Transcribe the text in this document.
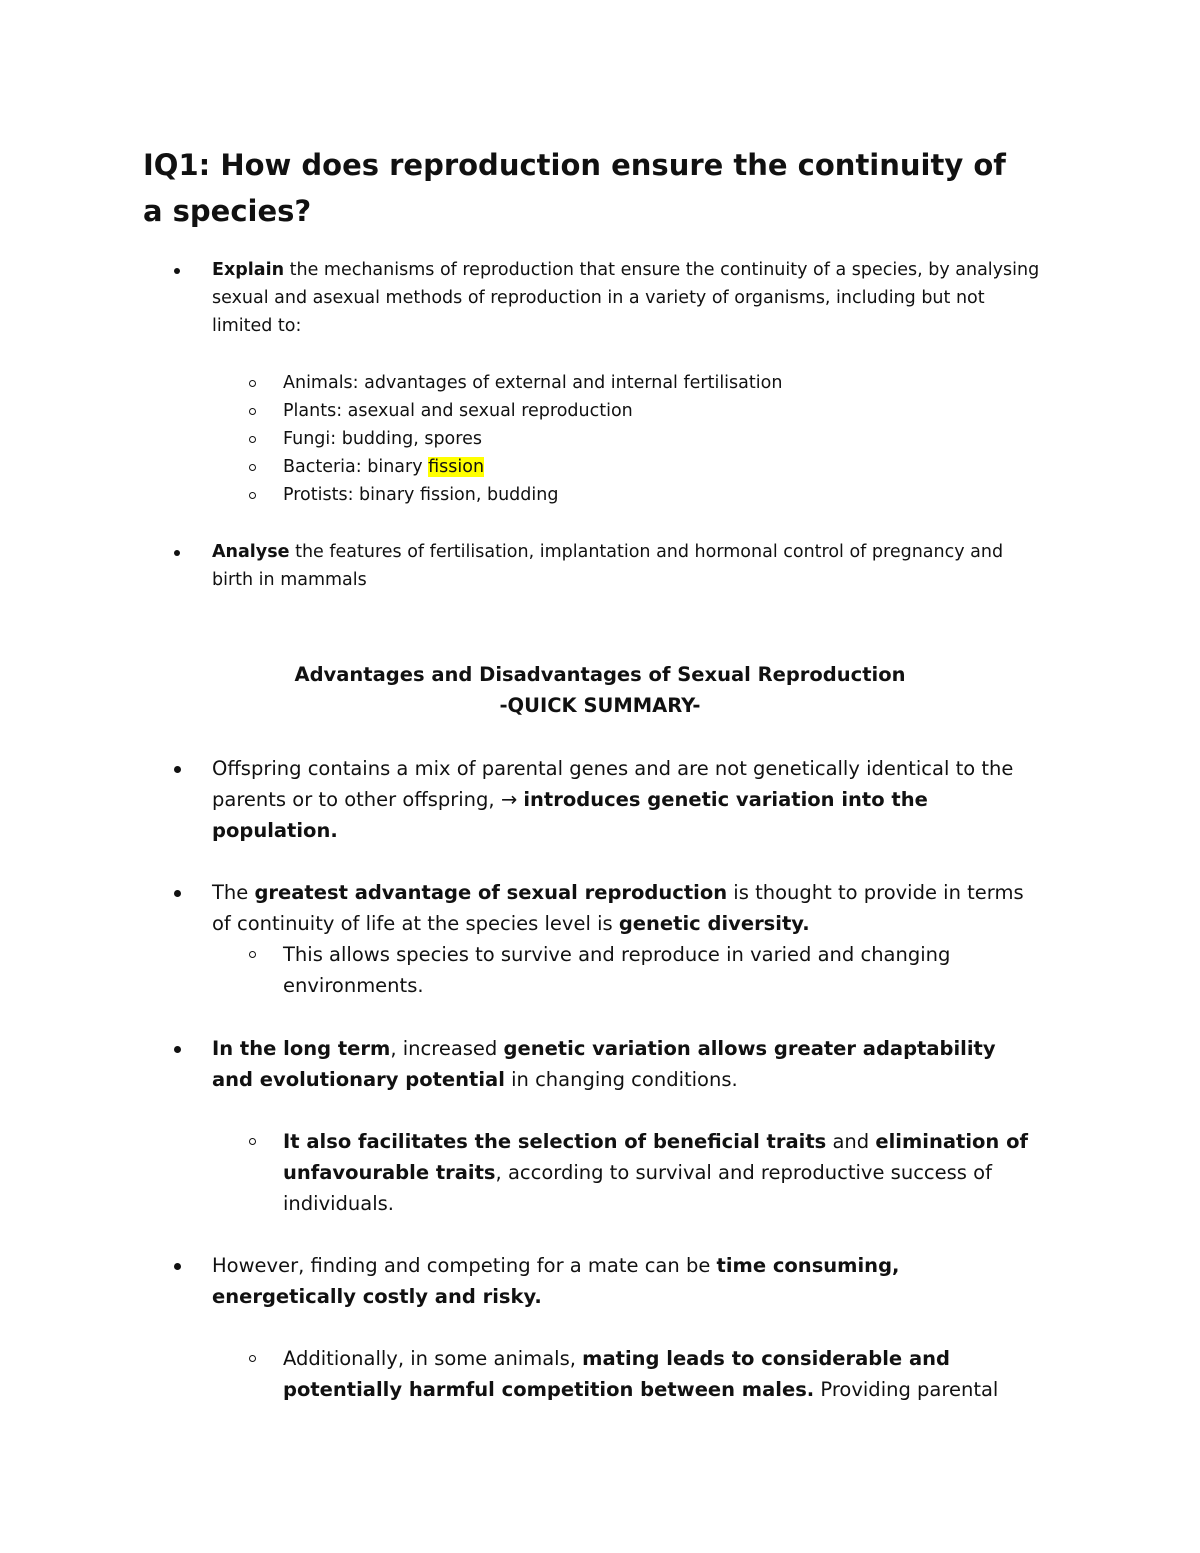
IQ1: How does reproduction ensure the continuity of a species?

Explain the mechanisms of reproduction that ensure the continuity of a species, by analysing sexual and asexual methods of reproduction in a variety of organisms, including but not limited to:

Animals: advantages of external and internal fertilisation

Plants: asexual and sexual reproduction

Fungi: budding, spores

Bacteria: binary fission

Protists: binary fission, budding

Analyse the features of fertilisation, implantation and hormonal control of pregnancy and birth in mammals

Advantages and Disadvantages of Sexual Reproduction

-QUICK SUMMARY-

Offspring contains a mix of parental genes and are not genetically identical to the parents or to other offspring, → introduces genetic variation into the population.

The greatest advantage of sexual reproduction is thought to provide in terms of continuity of life at the species level is genetic diversity.

This allows species to survive and reproduce in varied and changing environments.

In the long term, increased genetic variation allows greater adaptability and evolutionary potential in changing conditions.

It also facilitates the selection of beneficial traits and elimination of unfavourable traits, according to survival and reproductive success of individuals.

However, finding and competing for a mate can be time consuming, energetically costly and risky.

Additionally, in some animals, mating leads to considerable and potentially harmful competition between males. Providing parental
